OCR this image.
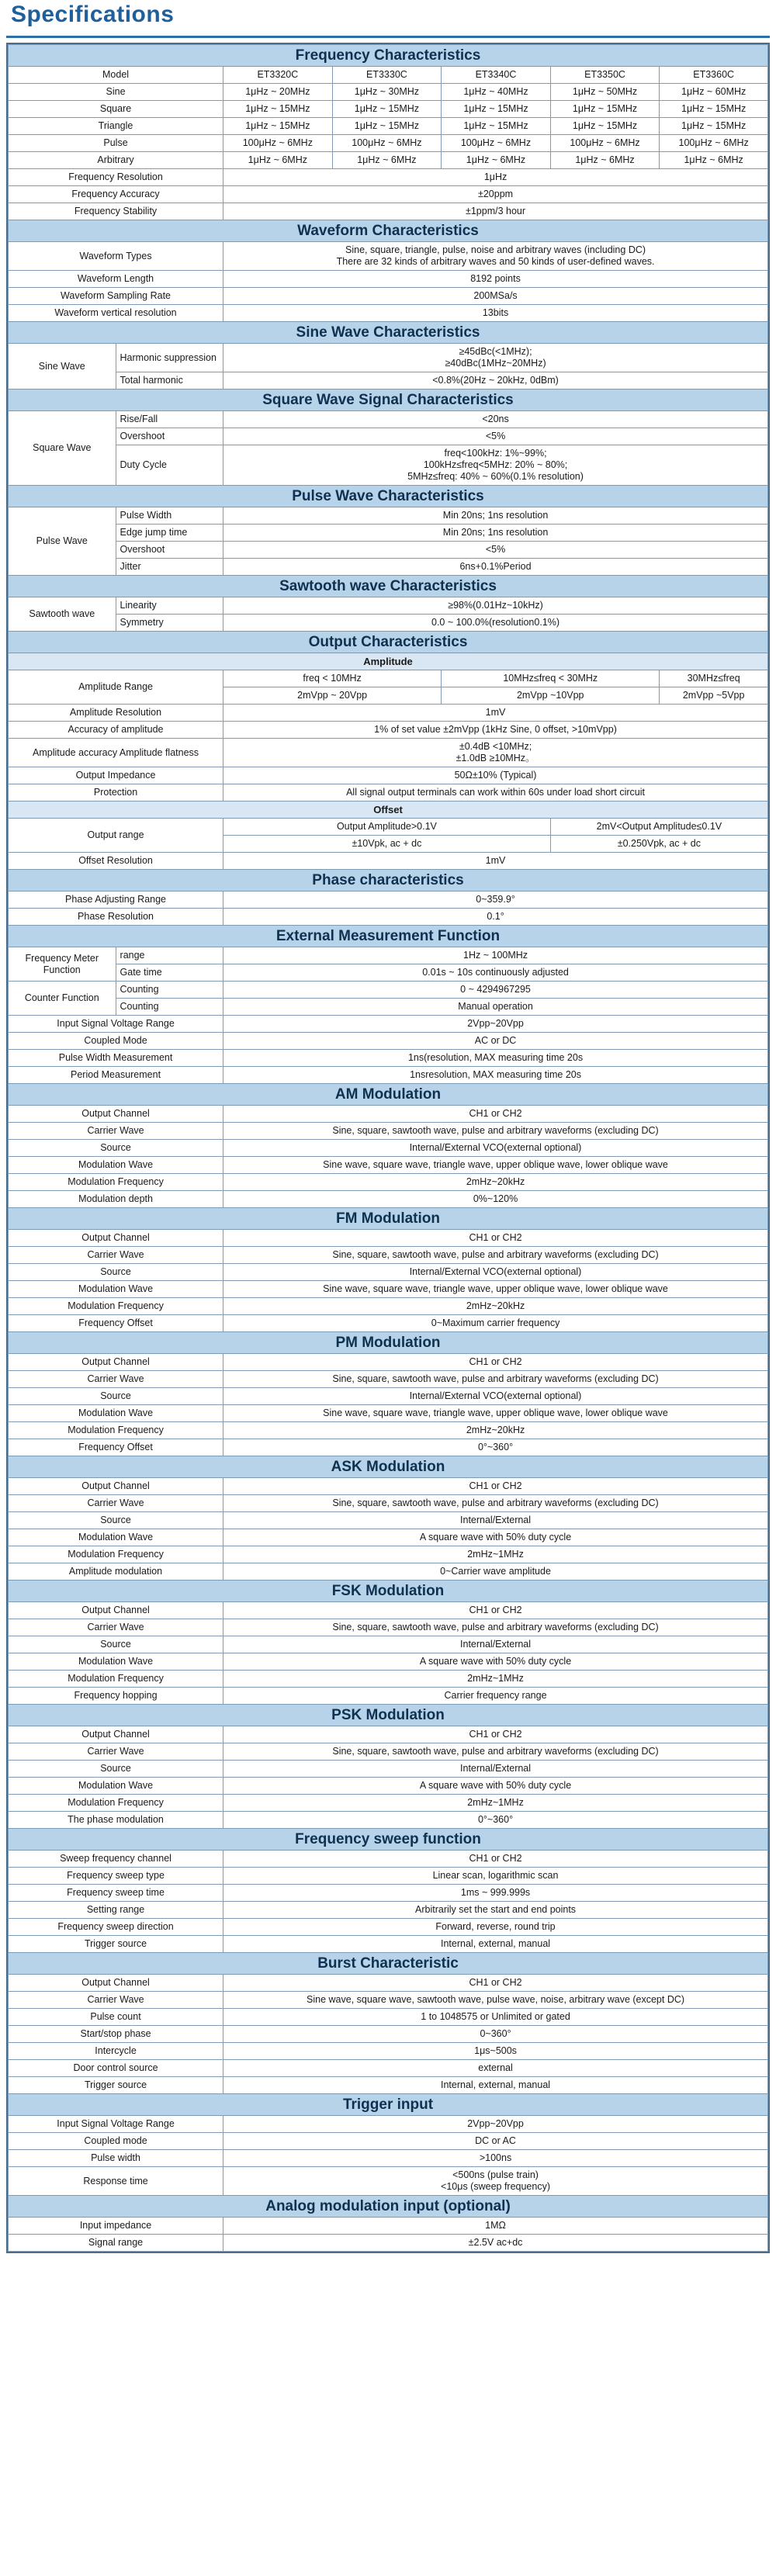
Specifications
Frequency Characteristics						
Model		ET3320C	ET3330C	ET3340C	ET3350C	ET3360C
Sine		1μHz ~ 20MHz	1μHz ~ 30MHz	1μHz ~ 40MHz	1μHz ~ 50MHz	1μHz ~ 60MHz
Square		1μHz ~ 15MHz	1μHz ~ 15MHz	1μHz ~ 15MHz	1μHz ~ 15MHz	1μHz ~ 15MHz
Triangle		1μHz ~ 15MHz	1μHz ~ 15MHz	1μHz ~ 15MHz	1μHz ~ 15MHz	1μHz ~ 15MHz
Pulse		100μHz ~ 6MHz	100μHz ~ 6MHz	100μHz ~ 6MHz	100μHz ~ 6MHz	100μHz ~ 6MHz
Arbitrary		1μHz ~ 6MHz	1μHz ~ 6MHz	1μHz ~ 6MHz	1μHz ~ 6MHz	1μHz ~ 6MHz
Frequency Resolution		1μHz				
Frequency Accuracy		±20ppm				
Frequency Stability		±1ppm/3 hour				
Waveform Characteristics						
Waveform Types		Sine, square, triangle, pulse, noise and arbitrary waves (including DC)
There are 32 kinds of arbitrary waves and 50 kinds of user-defined waves.				

Waveform Length		8192 points				
Waveform Sampling Rate		200MSa/s				
Waveform vertical resolution		13bits				
Sine Wave Characteristics						
Sine Wave	Harmonic suppression	≥45dBc(<1MHz);
≥40dBc(1MHz~20MHz)				

	Total harmonic	<0.8%(20Hz ~ 20kHz, 0dBm)				
Square Wave Signal Characteristics						
Square Wave	Rise/Fall	<20ns				
	Overshoot	<5%				
	Duty Cycle	freq<100kHz: 1%~99%;
100kHz≤freq<5MHz: 20% ~ 80%;
5MHz≤freq: 40% ~ 60%(0.1% resolution)				

Pulse Wave Characteristics						
Pulse Wave	Pulse Width	Min 20ns; 1ns resolution				
	Edge jump time	Min 20ns; 1ns resolution				
	Overshoot	<5%				
	Jitter	6ns+0.1%Period				
Sawtooth wave Characteristics						
Sawtooth wave	Linearity	≥98%(0.01Hz~10kHz)				
	Symmetry	0.0 ~ 100.0%(resolution0.1%)				
Output Characteristics						
Amplitude						
Amplitude Range		freq < 10MHz		10MHz≤freq < 30MHz		30MHz≤freq
		2mVpp ~ 20Vpp		2mVpp ~10Vpp		2mVpp ~5Vpp
Amplitude Resolution		1mV				
Accuracy of amplitude		1% of set value ±2mVpp (1kHz Sine, 0 offset, >10mVpp)				
Amplitude accuracy Amplitude flatness		±0.4dB <10MHz;
±1.0dB ≥10MHz。				

Output Impedance		50Ω±10% (Typical)				
Protection		All signal output terminals can work within 60s under load short circuit				
Offset						
Output range		Output Amplitude>0.1V			2mV<Output Amplitude≤0.1V	
		±10Vpk, ac + dc			±0.250Vpk, ac + dc	
Offset Resolution		1mV				
Phase characteristics						
Phase Adjusting Range		0~359.9°				
Phase Resolution		0.1°				
External Measurement Function						
Frequency Meter Function	range	1Hz ~ 100MHz				
	Gate time	0.01s ~ 10s continuously adjusted				
Counter Function	Counting	0 ~ 4294967295				
	Counting	Manual operation				
Input Signal Voltage Range		2Vpp~20Vpp				
Coupled Mode		AC or DC				
Pulse Width Measurement		1ns(resolution, MAX measuring time 20s				
Period Measurement		1nsresolution, MAX measuring time 20s				
AM Modulation						
Output Channel		CH1 or CH2				
Carrier Wave		Sine, square, sawtooth wave, pulse and arbitrary waveforms (excluding DC)				
Source		Internal/External VCO(external optional)				
Modulation Wave		Sine wave, square wave, triangle wave, upper oblique wave, lower oblique wave				
Modulation Frequency		2mHz~20kHz				
Modulation depth		0%~120%				
FM Modulation						
Output Channel		CH1 or CH2				
Carrier Wave		Sine, square, sawtooth wave, pulse and arbitrary waveforms (excluding DC)				
Source		Internal/External VCO(external optional)				
Modulation Wave		Sine wave, square wave, triangle wave, upper oblique wave, lower oblique wave				
Modulation Frequency		2mHz~20kHz				
Frequency Offset		0~Maximum carrier frequency				
PM Modulation						
Output Channel		CH1 or CH2				
Carrier Wave		Sine, square, sawtooth wave, pulse and arbitrary waveforms (excluding DC)				
Source		Internal/External VCO(external optional)				
Modulation Wave		Sine wave, square wave, triangle wave, upper oblique wave, lower oblique wave				
Modulation Frequency		2mHz~20kHz				
Frequency Offset		0°~360°				
ASK Modulation						
Output Channel		CH1 or CH2				
Carrier Wave		Sine, square, sawtooth wave, pulse and arbitrary waveforms (excluding DC)				
Source		Internal/External				
Modulation Wave		A square wave with 50% duty cycle				
Modulation Frequency		2mHz~1MHz				
Amplitude modulation		0~Carrier wave amplitude				
FSK Modulation						
Output Channel		CH1 or CH2				
Carrier Wave		Sine, square, sawtooth wave, pulse and arbitrary waveforms (excluding DC)				
Source		Internal/External				
Modulation Wave		A square wave with 50% duty cycle				
Modulation Frequency		2mHz~1MHz				
Frequency hopping		Carrier frequency range				
PSK Modulation						
Output Channel		CH1 or CH2				
Carrier Wave		Sine, square, sawtooth wave, pulse and arbitrary waveforms (excluding DC)				
Source		Internal/External				
Modulation Wave		A square wave with 50% duty cycle				
Modulation Frequency		2mHz~1MHz				
The phase modulation		0°~360°				
Frequency sweep function						
Sweep frequency channel		CH1 or CH2				
Frequency sweep type		Linear scan, logarithmic scan				
Frequency sweep time		1ms ~ 999.999s				
Setting range		Arbitrarily set the start and end points				
Frequency sweep direction		Forward, reverse, round trip				
Trigger source		Internal, external, manual				
Burst Characteristic						
Output Channel		CH1 or CH2				
Carrier Wave		Sine wave, square wave, sawtooth wave, pulse wave, noise, arbitrary wave (except DC)				
Pulse count		1 to 1048575 or Unlimited or gated				
Start/stop phase		0~360°				
Intercycle		1μs~500s				
Door control source		external				
Trigger source		Internal, external, manual				
Trigger input						
Input Signal Voltage Range		2Vpp~20Vpp				
Coupled mode		DC or AC				
Pulse width		>100ns				
Response time		<500ns (pulse train)
<10μs (sweep frequency)				

Analog modulation input (optional)						
Input impedance		1MΩ				
Signal range		±2.5V ac+dc				
